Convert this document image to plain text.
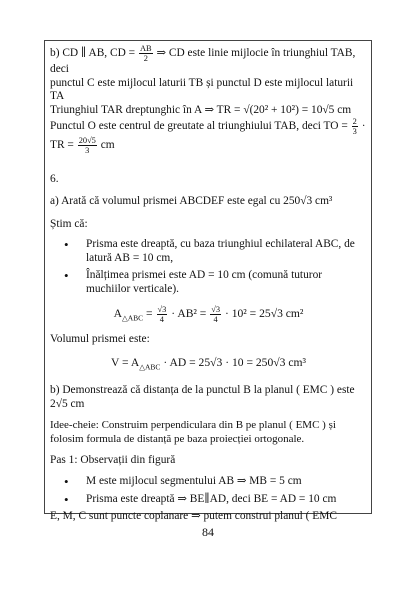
b) CD ∥ AB, CD = $\frac{AB}{2}$ ⇒ CD este linie mijlocie în triunghiul TAB, deci

punctul C este mijlocul laturii TB și punctul D este mijlocul laturii TA

Triunghiul TAR dreptunghic în A ⇒ TR = √(20² + 10²) = 10√5 cm

Punctul O este centrul de greutate al triunghiului TAB, deci TO = $\frac{2}{3}$ ·

TR = $\frac{20√5}{3}$ cm

6.

a) Arată că volumul prismei ABCDEF este egal cu 250√3 cm³

Știm că:

• Prisma este dreaptă, cu baza triunghiul echilateral ABC, de latură AB = 10 cm,
• Înălțimea prismei este AD = 10 cm (comună tuturor muchiilor verticale).
$A_{\triangle ABC} = \frac{√3}{4} \cdot AB^2 = \frac{√3}{4} \cdot 10^2 = 25√3$ cm²

Volumul prismei este:

$V = A_{\triangle ABC}$ · AD = 25√3 · 10 = 250√3 cm³

b) Demonstrează că distanța de la punctul B la planul ( EMC ) este 2√5 cm

Idee-cheie: Construim perpendiculara din B pe planul ( EMC ) și folosim formula de distanță pe baza proiecției ortogonale.

Pas 1: Observații din figură

• M este mijlocul segmentului AB ⇒ MB = 5 cm
• Prisma este dreaptă ⇒ BE∥AD, deci BE = AD = 10 cm

E, M, C sunt puncte coplanare ⇒ putem construi planul ( EMC

84
